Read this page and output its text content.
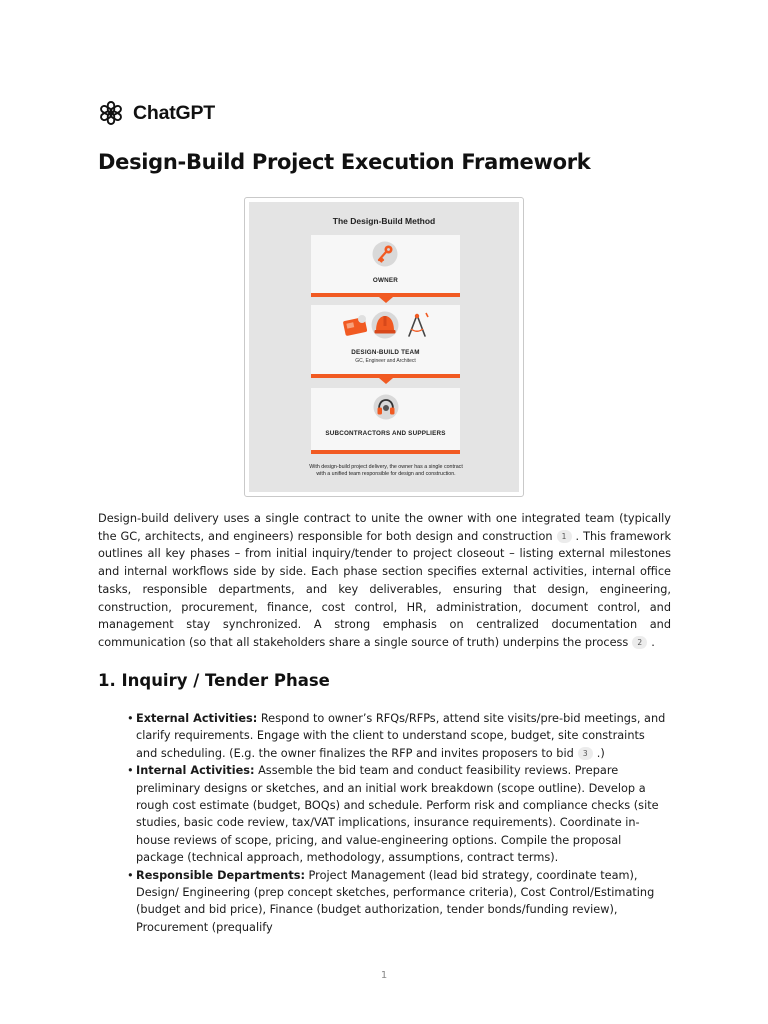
ChatGPT
Design-Build Project Execution Framework
The Design-Build Method
OWNER
DESIGN-BUILD TEAM
GC, Engineer and Architect
SUBCONTRACTORS AND SUPPLIERS
With design-build project delivery, the owner has a single contract with a unified team responsible for design and construction.

Design-build delivery uses a single contract to unite the owner with one integrated team (typically the GC, architects, and engineers) responsible for both design and construction 1 . This framework outlines all key phases – from initial inquiry/tender to project closeout – listing external milestones and internal workflows side by side. Each phase section specifies external activities, internal office tasks, responsible departments, and key deliverables, ensuring that design, engineering, construction, procurement, finance, cost control, HR, administration, document control, and management stay synchronized. A strong emphasis on centralized documentation and communication (so that all stakeholders share a single source of truth) underpins the process 2 .

1. Inquiry / Tender Phase
• External Activities: Respond to owner’s RFQs/RFPs, attend site visits/pre-bid meetings, and clarify requirements. Engage with the client to understand scope, budget, site constraints and scheduling. (E.g. the owner finalizes the RFP and invites proposers to bid 3 .)
• Internal Activities: Assemble the bid team and conduct feasibility reviews. Prepare preliminary designs or sketches, and an initial work breakdown (scope outline). Develop a rough cost estimate (budget, BOQs) and schedule. Perform risk and compliance checks (site studies, basic code review, tax/VAT implications, insurance requirements). Coordinate in-house reviews of scope, pricing, and value-engineering options. Compile the proposal package (technical approach, methodology, assumptions, contract terms).
• Responsible Departments: Project Management (lead bid strategy, coordinate team), Design/ Engineering (prep concept sketches, performance criteria), Cost Control/Estimating (budget and bid price), Finance (budget authorization, tender bonds/funding review), Procurement (prequalify
1
